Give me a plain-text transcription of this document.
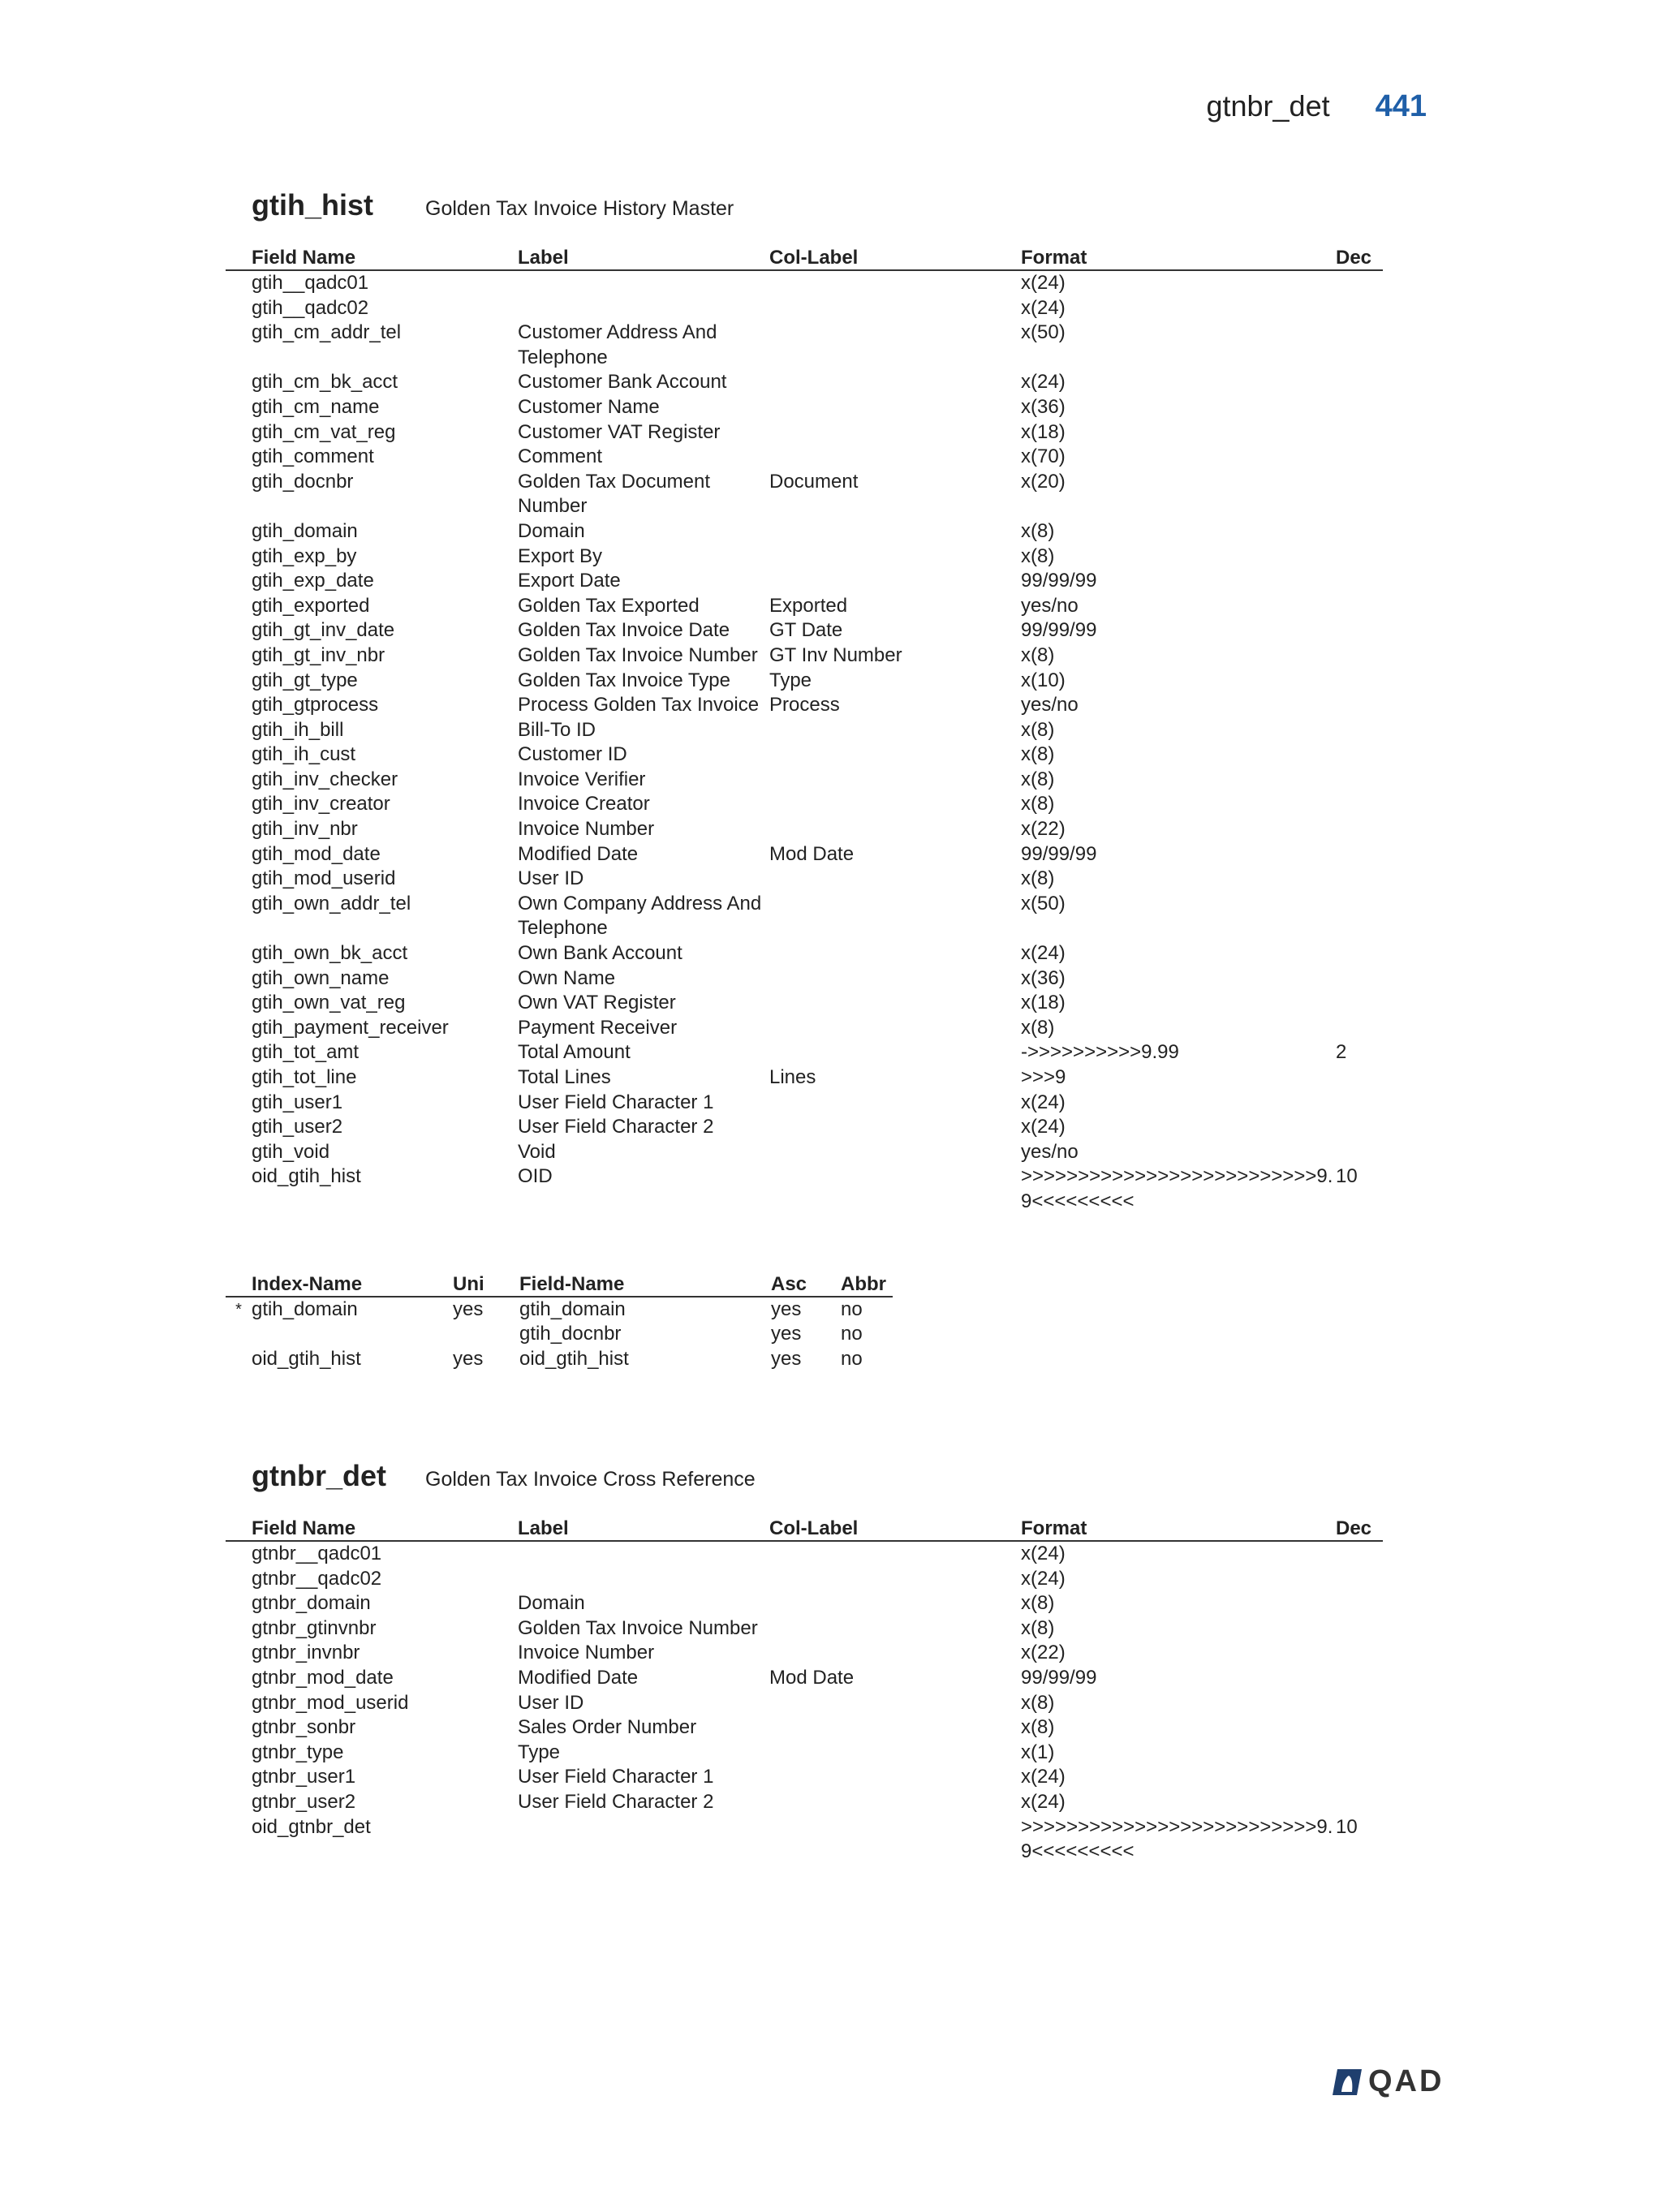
gtnbr_det 441
gtih_hist	Golden Tax Invoice History Master
	Field Name	Label	Col-Label	Format	Dec
	gtih__qadc01			x(24)	
	gtih__qadc02			x(24)	
	gtih_cm_addr_tel	Customer Address And Telephone		x(50)	
	gtih_cm_bk_acct	Customer Bank Account		x(24)	
	gtih_cm_name	Customer Name		x(36)	
	gtih_cm_vat_reg	Customer VAT Register		x(18)	
	gtih_comment	Comment		x(70)	
	gtih_docnbr	Golden Tax Document Number	Document	x(20)	
	gtih_domain	Domain		x(8)	
	gtih_exp_by	Export By		x(8)	
	gtih_exp_date	Export Date		99/99/99	
	gtih_exported	Golden Tax Exported	Exported	yes/no	
	gtih_gt_inv_date	Golden Tax Invoice Date	GT Date	99/99/99	
	gtih_gt_inv_nbr	Golden Tax Invoice Number	GT Inv Number	x(8)	
	gtih_gt_type	Golden Tax Invoice Type	Type	x(10)	
	gtih_gtprocess	Process Golden Tax Invoice	Process	yes/no	
	gtih_ih_bill	Bill-To ID		x(8)	
	gtih_ih_cust	Customer ID		x(8)	
	gtih_inv_checker	Invoice Verifier		x(8)	
	gtih_inv_creator	Invoice Creator		x(8)	
	gtih_inv_nbr	Invoice Number		x(22)	
	gtih_mod_date	Modified Date	Mod Date	99/99/99	
	gtih_mod_userid	User ID		x(8)	
	gtih_own_addr_tel	Own Company Address And Telephone		x(50)	
	gtih_own_bk_acct	Own Bank Account		x(24)	
	gtih_own_name	Own Name		x(36)	
	gtih_own_vat_reg	Own VAT Register		x(18)	
	gtih_payment_receiver	Payment Receiver		x(8)	
	gtih_tot_amt	Total Amount		->>>>>>>>>>9.99	2
	gtih_tot_line	Total Lines	Lines	>>>9	
	gtih_user1	User Field Character 1		x(24)	
	gtih_user2	User Field Character 2		x(24)	
	gtih_void	Void		yes/no	
	oid_gtih_hist	OID		>>>>>>>>>>>>>>>>>>>>>>>>>>9.9<<<<<<<<<	10
	Index-Name	Uni	Field-Name	Asc	Abbr
*	gtih_domain	yes	gtih_domain	yes	no
			gtih_docnbr	yes	no
	oid_gtih_hist	yes	oid_gtih_hist	yes	no
gtnbr_det	Golden Tax Invoice Cross Reference
	Field Name	Label	Col-Label	Format	Dec
	gtnbr__qadc01			x(24)	
	gtnbr__qadc02			x(24)	
	gtnbr_domain	Domain		x(8)	
	gtnbr_gtinvnbr	Golden Tax Invoice Number		x(8)	
	gtnbr_invnbr	Invoice Number		x(22)	
	gtnbr_mod_date	Modified Date	Mod Date	99/99/99	
	gtnbr_mod_userid	User ID		x(8)	
	gtnbr_sonbr	Sales Order Number		x(8)	
	gtnbr_type	Type		x(1)	
	gtnbr_user1	User Field Character 1		x(24)	
	gtnbr_user2	User Field Character 2		x(24)	
	oid_gtnbr_det			>>>>>>>>>>>>>>>>>>>>>>>>>>9.9<<<<<<<<<	10
QAD
